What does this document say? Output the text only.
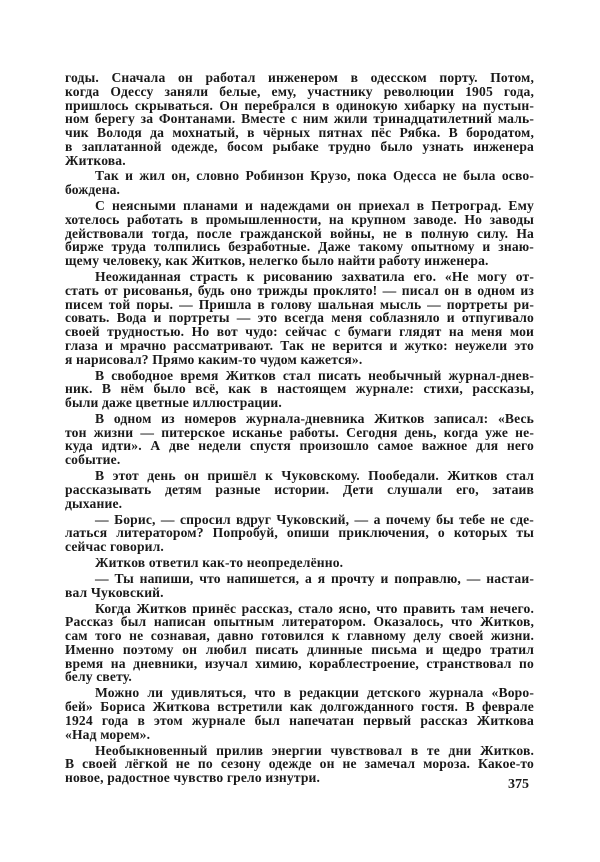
годы. Сначала он работал инженером в одесском порту. Потом,
когда Одессу заняли белые, ему, участнику революции 1905 года,
пришлось скрываться. Он перебрался в одинокую хибарку на пустын-
ном берегу за Фонтанами. Вместе с ним жили тринадцатилетний маль-
чик Володя да мохнатый, в чёрных пятнах пёс Рябка. В бородатом,
в заплатанной одежде, босом рыбаке трудно было узнать инженера
Житкова.
Так и жил он, словно Робинзон Крузо, пока Одесса не была осво-
бождена.
С неясными планами и надеждами он приехал в Петроград. Ему
хотелось работать в промышленности, на крупном заводе. Но заводы
действовали тогда, после гражданской войны, не в полную силу. На
бирже труда толпились безработные. Даже такому опытному и знаю-
щему человеку, как Житков, нелегко было найти работу инженера.
Неожиданная страсть к рисованию захватила его. «Не могу от-
стать от рисованья, будь оно трижды проклято! — писал он в одном из
писем той поры. — Пришла в голову шальная мысль — портреты ри-
совать. Вода и портреты — это всегда меня соблазняло и отпугивало
своей трудностью. Но вот чудо: сейчас с бумаги глядят на меня мои
глаза и мрачно рассматривают. Так не верится и жутко: неужели это
я нарисовал? Прямо каким-то чудом кажется».
В свободное время Житков стал писать необычный журнал-днев-
ник. В нём было всё, как в настоящем журнале: стихи, рассказы,
были даже цветные иллюстрации.
В одном из номеров журнала-дневника Житков записал: «Весь
тон жизни — питерское исканье работы. Сегодня день, когда уже не-
куда идти». А две недели спустя произошло самое важное для него
событие.
В этот день он пришёл к Чуковскому. Пообедали. Житков стал
рассказывать детям разные истории. Дети слушали его, затаив
дыхание.
— Борис, — спросил вдруг Чуковский, — а почему бы тебе не сде-
латься литератором? Попробуй, опиши приключения, о которых ты
сейчас говорил.
Житков ответил как-то неопределённо.
— Ты напиши, что напишется, а я прочту и поправлю, — настаи-
вал Чуковский.
Когда Житков принёс рассказ, стало ясно, что править там нечего.
Рассказ был написан опытным литератором. Оказалось, что Житков,
сам того не сознавая, давно готовился к главному делу своей жизни.
Именно поэтому он любил писать длинные письма и щедро тратил
время на дневники, изучал химию, кораблестроение, странствовал по
белу свету.
Можно ли удивляться, что в редакции детского журнала «Воро-
бей» Бориса Житкова встретили как долгожданного гостя. В феврале
1924 года в этом журнале был напечатан первый рассказ Житкова
«Над морем».
Необыкновенный прилив энергии чувствовал в те дни Житков.
В своей лёгкой не по сезону одежде он не замечал мороза. Какое-то
новое, радостное чувство грело изнутри.	375
